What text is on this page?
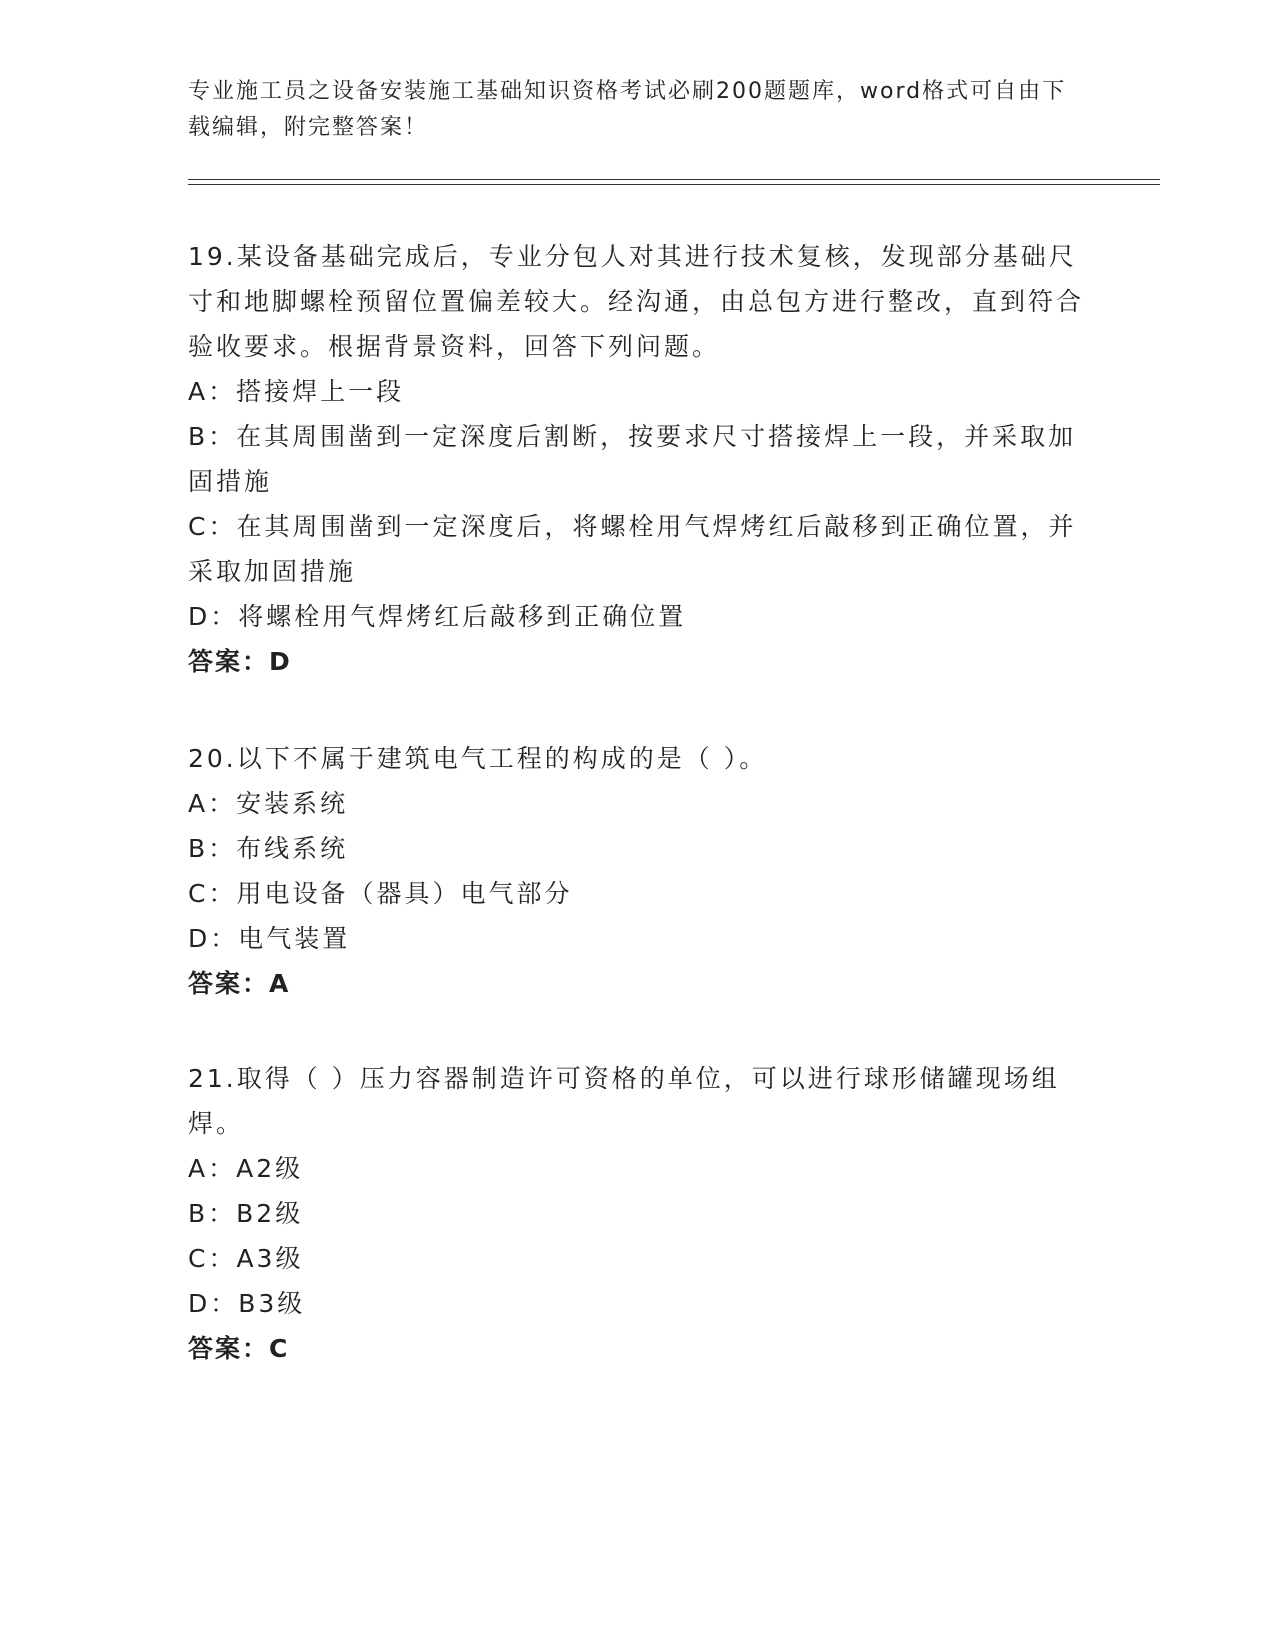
专业施工员之设备安装施工基础知识资格考试必刷200题题库，word格式可自由下载编辑，附完整答案！
19.某设备基础完成后，专业分包人对其进行技术复核，发现部分基础尺寸和地脚螺栓预留位置偏差较大。经沟通，由总包方进行整改，直到符合验收要求。根据背景资料，回答下列问题。
A：搭接焊上一段
B：在其周围凿到一定深度后割断，按要求尺寸搭接焊上一段，并采取加固措施
C：在其周围凿到一定深度后，将螺栓用气焊烤红后敲移到正确位置，并采取加固措施
D：将螺栓用气焊烤红后敲移到正确位置
答案：D
20.以下不属于建筑电气工程的构成的是（ ）。
A：安装系统
B：布线系统
C：用电设备（器具）电气部分
D：电气装置
答案：A
21.取得（ ）压力容器制造许可资格的单位，可以进行球形储罐现场组焊。
A：A2级
B：B2级
C：A3级
D：B3级
答案：C
